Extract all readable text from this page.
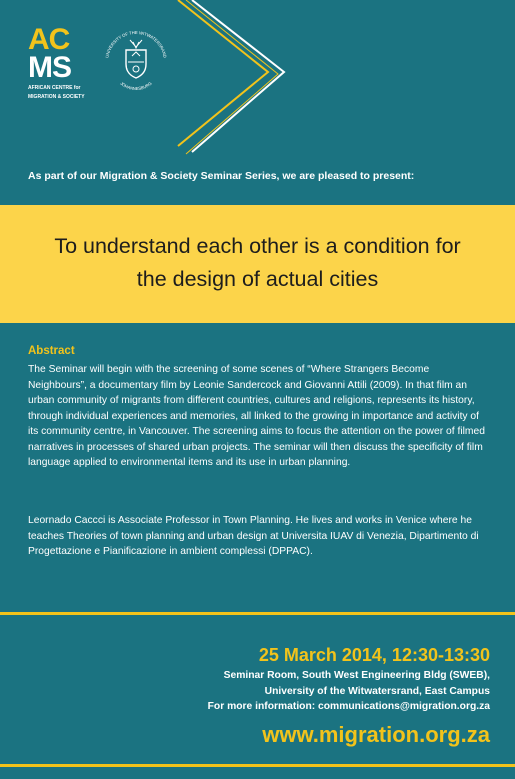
AC
MS
AFRICAN CENTRE for
MIGRATION & SOCIETY
UNIVERSITY OF THE WITWATERSRAND
JOHANNESBURG
As part of our Migration & Society Seminar Series, we are pleased to present:
To understand each other is a condition for
the design of actual cities
Abstract
The Seminar will begin with the screening of some scenes of “Where Strangers Become Neighbours”, a documentary film by Leonie Sandercock and Giovanni Attili (2009). In that film an urban community of migrants from different countries, cultures and religions, represents its history, through individual experiences and memories, all linked to the growing in importance and activity of its community centre, in Vancouver. The screening aims to focus the attention on the power of filmed narratives in processes of shared urban projects. The seminar will then discuss the specificity of film language applied to environmental items and its use in urban planning.
Leornado Caccci is Associate Professor in Town Planning. He lives and works in Venice where he teaches Theories of town planning and urban design at Universita IUAV di Venezia, Dipartimento di Progettazione e Pianificazione in ambient complessi (DPPAC).
25 March 2014, 12:30-13:30
Seminar Room, South West Engineering Bldg (SWEB),
University of the Witwatersrand, East Campus
For more information: communications@migration.org.za
www.migration.org.za
